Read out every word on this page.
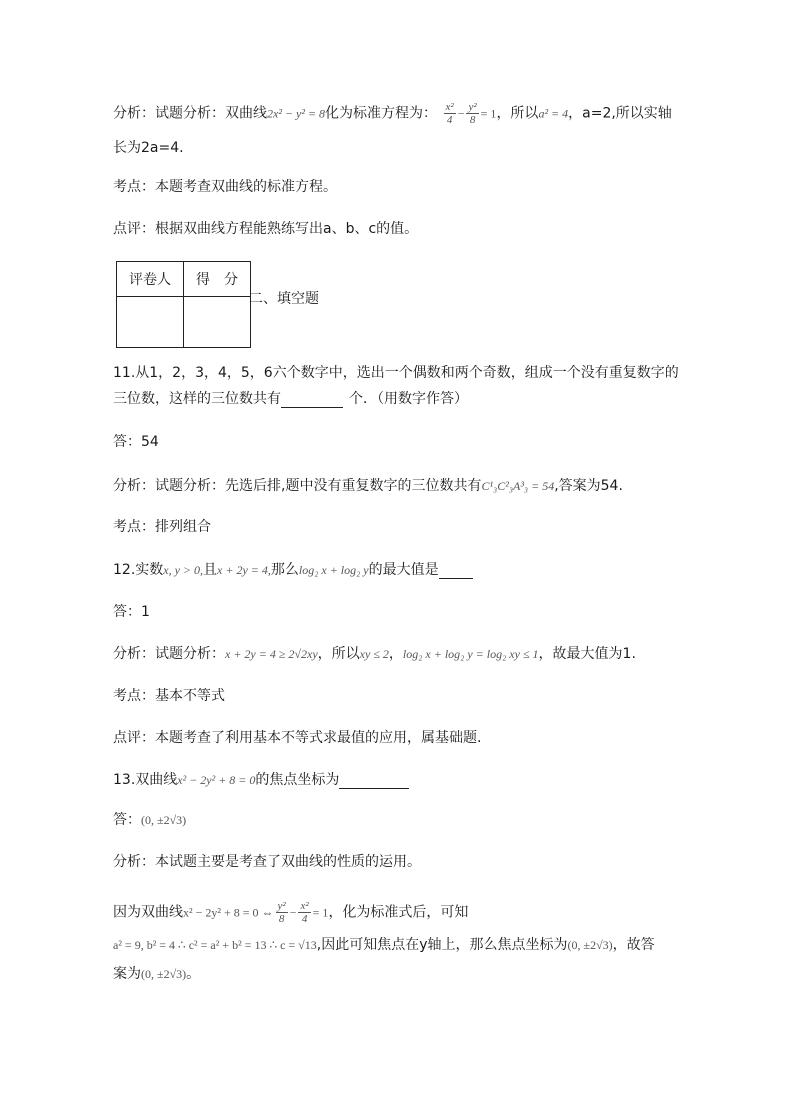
分析：试题分析：双曲线2x² − y² = 8化为标准方程为： $\frac{\text{x²}}{4} - \frac{\text{y²}}{8} = 1$，所以a² = 4，a=2,所以实轴
长为2a=4.
考点：本题考查双曲线的标准方程。
点评：根据双曲线方程能熟练写出a、b、c的值。
评卷人	得　分

二、填空题
11.从1，2，3，4，5，6六个数字中，选出一个偶数和两个奇数，组成一个没有重复数字的
三位数，这样的三位数共有	个．（用数字作答）
答：54
分析：试题分析：先选后排,题中没有重复数字的三位数共有C¹₃C²₃A³₃ = 54,答案为54.
考点：排列组合
12.实数x, y > 0,且x + 2y = 4,那么log₂ x + log₂ y的最大值是
答：1
分析：试题分析：x + 2y = 4 ≥ 2√2xy，所以xy ≤ 2，log₂ x + log₂ y = log₂ xy ≤ 1，故最大值为1.
考点：基本不等式
点评：本题考查了利用基本不等式求最值的应用，属基础题.
13.双曲线x² − 2y² + 8 = 0的焦点坐标为
答：(0, ±2√3)
分析：本试题主要是考查了双曲线的性质的运用。
因为双曲线x² − 2y² + 8 = 0 ⇔ $\frac{\text{y²}}{8} - \frac{\text{x²}}{4} = 1$，化为标准式后，可知
a² = 9, b² = 4 ∴ c² = a² + b² = 13 ∴ c = √13,因此可知焦点在y轴上，那么焦点坐标为(0, ±2√3)，故答
案为(0, ±2√3)。
